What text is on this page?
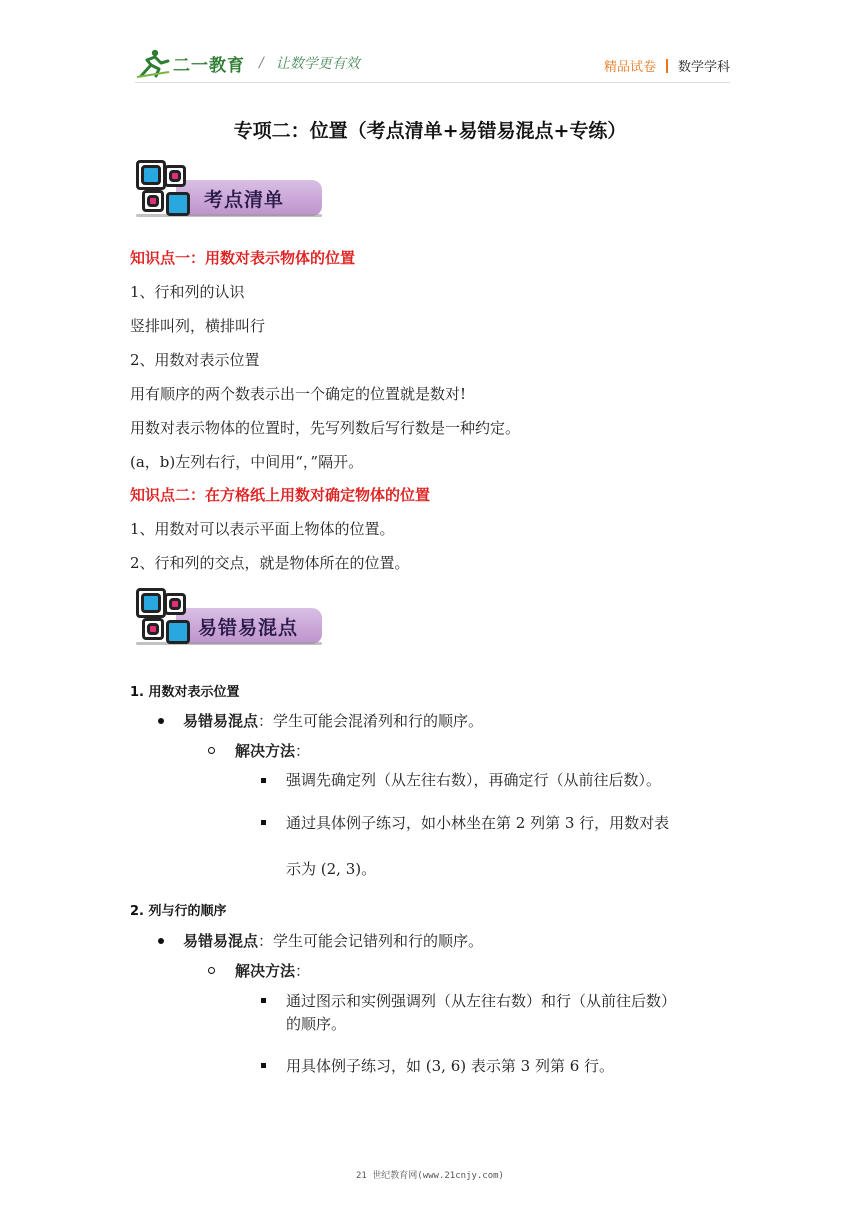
二一教育 / 让数学更有效	精品试卷 数学学科
专项二：位置（考点清单+易错易混点+专练）
考点清单
知识点一：用数对表示物体的位置
1、行和列的认识
竖排叫列，横排叫行
2、用数对表示位置
用有顺序的两个数表示出一个确定的位置就是数对!
用数对表示物体的位置时，先写列数后写行数是一种约定。
(a，b)左列右行，中间用“，”隔开。
知识点二：在方格纸上用数对确定物体的位置
1、用数对可以表示平面上物体的位置。
2、行和列的交点，就是物体所在的位置。
易错易混点
1. 用数对表示位置
易错易混点：学生可能会混淆列和行的顺序。
解决方法：
强调先确定列（从左往右数），再确定行（从前往后数）。
通过具体例子练习，如小林坐在第 2 列第 3 行，用数对表
示为 (2, 3)。
2. 列与行的顺序
易错易混点：学生可能会记错列和行的顺序。
解决方法：
通过图示和实例强调列（从左往右数）和行（从前往后数）
的顺序。
用具体例子练习，如 (3, 6) 表示第 3 列第 6 行。
21 世纪教育网(www.21cnjy.com)
